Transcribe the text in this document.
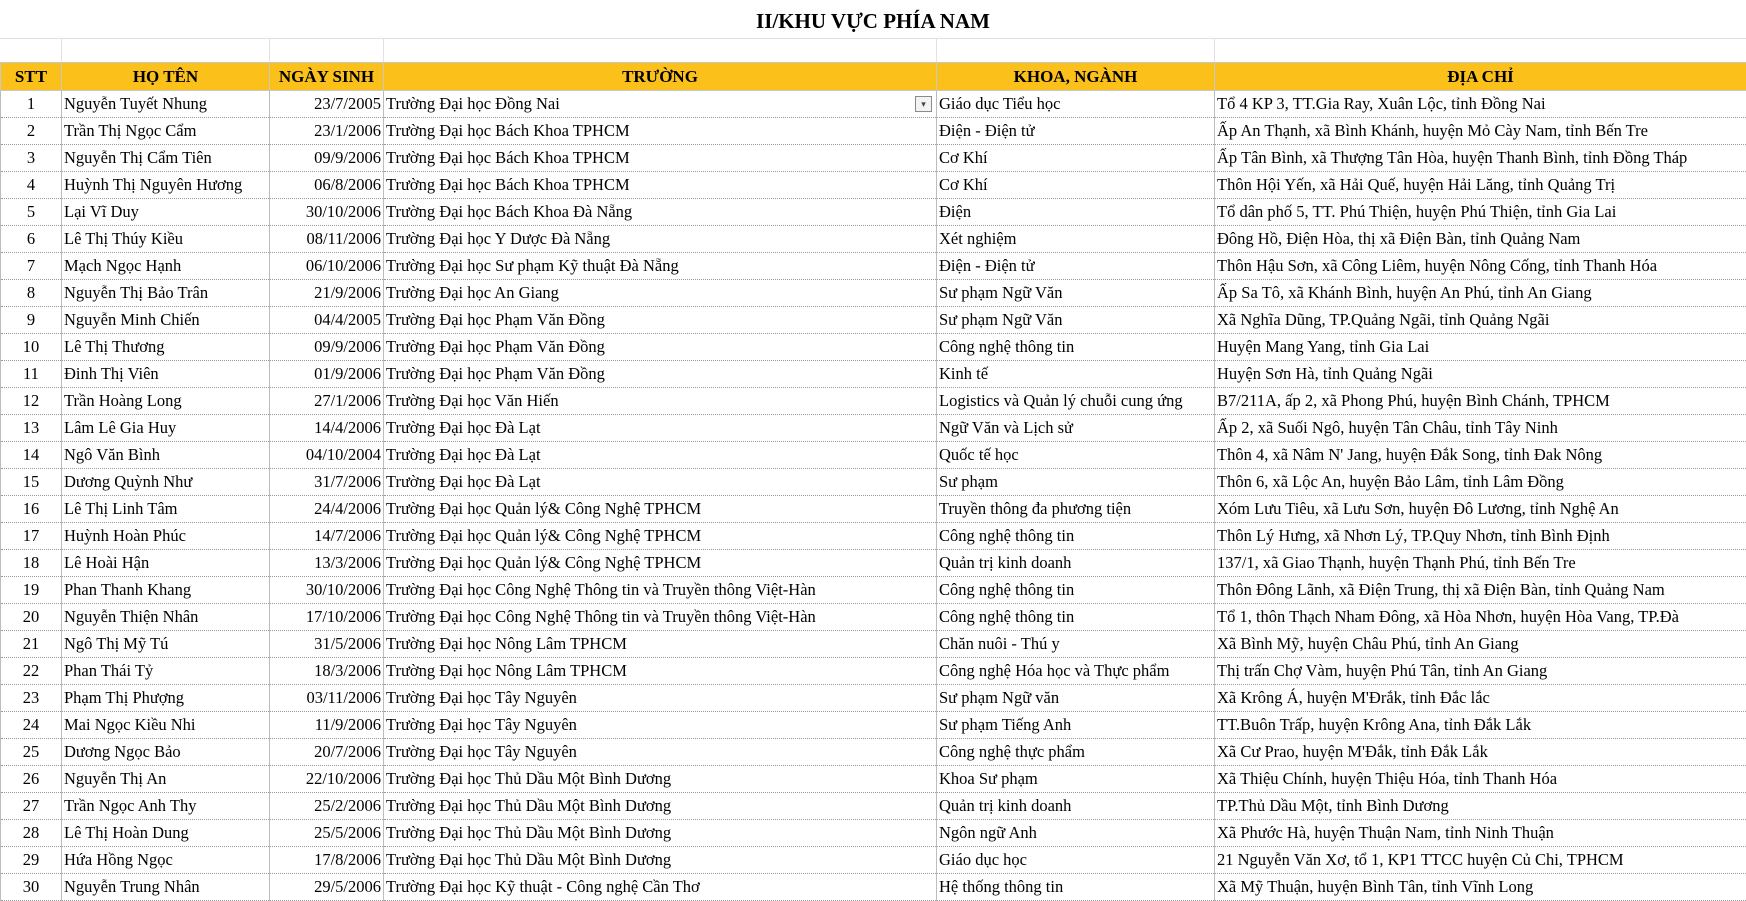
II/KHU VỰC PHÍA NAM
STT	HỌ TÊN	NGÀY SINH	TRƯỜNG	KHOA, NGÀNH	ĐỊA CHỈ
1	Nguyễn Tuyết Nhung	23/7/2005	Trường Đại học Đồng Nai ▾	Giáo dục Tiểu học	Tổ 4 KP 3, TT.Gia Ray, Xuân Lộc, tỉnh Đồng Nai
2	Trần Thị Ngọc Cẩm	23/1/2006	Trường Đại học Bách Khoa TPHCM	Điện - Điện tử	Ấp An Thạnh, xã Bình Khánh, huyện Mỏ Cày Nam, tỉnh Bến Tre
3	Nguyễn Thị Cẩm Tiên	09/9/2006	Trường Đại học Bách Khoa TPHCM	Cơ Khí	Ấp Tân Bình, xã Thượng Tân Hòa, huyện Thanh Bình, tỉnh Đồng Tháp
4	Huỳnh Thị Nguyên Hương	06/8/2006	Trường Đại học Bách Khoa TPHCM	Cơ Khí	Thôn Hội Yến, xã Hải Quế, huyện Hải Lăng, tỉnh Quảng Trị
5	Lại Vĩ Duy	30/10/2006	Trường Đại học Bách Khoa Đà Nẵng	Điện	Tổ dân phố 5, TT. Phú Thiện, huyện Phú Thiện, tỉnh Gia Lai
6	Lê Thị Thúy Kiều	08/11/2006	Trường Đại học Y Dược Đà Nẵng	Xét nghiệm	Đông Hồ, Điện Hòa, thị xã Điện Bàn, tỉnh Quảng Nam
7	Mạch Ngọc Hạnh	06/10/2006	Trường Đại học Sư phạm Kỹ thuật Đà Nẵng	Điện - Điện tử	Thôn Hậu Sơn, xã Công Liêm, huyện Nông Cống, tỉnh Thanh Hóa
8	Nguyễn Thị Bảo Trân	21/9/2006	Trường Đại học An Giang	Sư phạm Ngữ Văn	Ấp Sa Tô, xã Khánh Bình, huyện An Phú, tỉnh An Giang
9	Nguyễn Minh Chiến	04/4/2005	Trường Đại học Phạm Văn Đồng	Sư phạm Ngữ Văn	Xã Nghĩa Dũng, TP.Quảng Ngãi, tỉnh Quảng Ngãi
10	Lê Thị Thương	09/9/2006	Trường Đại học Phạm Văn Đồng	Công nghệ thông tin	Huyện Mang Yang, tỉnh Gia Lai
11	Đinh Thị Viên	01/9/2006	Trường Đại học Phạm Văn Đồng	Kinh tế	Huyện Sơn Hà, tỉnh Quảng Ngãi
12	Trần Hoàng Long	27/1/2006	Trường Đại học Văn Hiến	Logistics và Quản lý chuỗi cung ứng	B7/211A, ấp 2, xã Phong Phú, huyện Bình Chánh, TPHCM
13	Lâm Lê Gia Huy	14/4/2006	Trường Đại học Đà Lạt	Ngữ Văn và Lịch sử	Ấp 2, xã Suối Ngô, huyện Tân Châu, tỉnh Tây Ninh
14	Ngô Văn Bình	04/10/2004	Trường Đại học Đà Lạt	Quốc tế học	Thôn 4, xã Nâm N' Jang, huyện Đắk Song, tỉnh Đak Nông
15	Dương Quỳnh Như	31/7/2006	Trường Đại học Đà Lạt	Sư phạm	Thôn 6, xã Lộc An, huyện Bảo Lâm, tỉnh Lâm Đồng
16	Lê Thị Linh Tâm	24/4/2006	Trường Đại học Quản lý& Công Nghệ TPHCM	Truyền thông đa phương tiện	Xóm Lưu Tiêu, xã Lưu Sơn, huyện Đô Lương, tỉnh Nghệ An
17	Huỳnh Hoàn Phúc	14/7/2006	Trường Đại học Quản lý& Công Nghệ TPHCM	Công nghệ thông tin	Thôn Lý Hưng, xã Nhơn Lý, TP.Quy Nhơn, tỉnh Bình Định
18	Lê Hoài Hận	13/3/2006	Trường Đại học Quản lý& Công Nghệ TPHCM	Quản trị kinh doanh	137/1, xã Giao Thạnh, huyện Thạnh Phú, tỉnh Bến Tre
19	Phan Thanh Khang	30/10/2006	Trường Đại học Công Nghệ Thông tin và Truyền thông Việt-Hàn	Công nghệ thông tin	Thôn Đông Lãnh, xã Điện Trung, thị xã Điện Bàn, tỉnh Quảng Nam
20	Nguyễn Thiện Nhân	17/10/2006	Trường Đại học Công Nghệ Thông tin và Truyền thông Việt-Hàn	Công nghệ thông tin	Tổ 1, thôn Thạch Nham Đông, xã Hòa Nhơn, huyện Hòa Vang, TP.Đà
21	Ngô Thị Mỹ Tú	31/5/2006	Trường Đại học Nông Lâm TPHCM	Chăn nuôi - Thú y	Xã Bình Mỹ, huyện Châu Phú, tỉnh An Giang
22	Phan Thái Tỷ	18/3/2006	Trường Đại học Nông Lâm TPHCM	Công nghệ Hóa học và Thực phẩm	Thị trấn Chợ Vàm, huyện Phú Tân, tỉnh An Giang
23	Phạm Thị Phượng	03/11/2006	Trường Đại học Tây Nguyên	Sư phạm Ngữ văn	Xã Krông Á, huyện M'Đrắk, tỉnh Đắc lắc
24	Mai Ngọc Kiều Nhi	11/9/2006	Trường Đại học Tây Nguyên	Sư phạm Tiếng Anh	TT.Buôn Trấp, huyện Krông Ana, tỉnh Đắk Lắk
25	Dương Ngọc Bảo	20/7/2006	Trường Đại học Tây Nguyên	Công nghệ thực phẩm	Xã Cư Prao, huyện M'Đắk, tỉnh Đắk Lắk
26	Nguyễn Thị An	22/10/2006	Trường Đại học Thủ Dầu Một Bình Dương	Khoa Sư phạm	Xã Thiệu Chính, huyện Thiệu Hóa, tỉnh Thanh Hóa
27	Trần Ngọc Anh Thy	25/2/2006	Trường Đại học Thủ Dầu Một Bình Dương	Quản trị kinh doanh	TP.Thủ Dầu Một, tỉnh Bình Dương
28	Lê Thị Hoàn Dung	25/5/2006	Trường Đại học Thủ Dầu Một Bình Dương	Ngôn ngữ Anh	Xã Phước Hà, huyện Thuận Nam, tỉnh Ninh Thuận
29	Hứa Hồng Ngọc	17/8/2006	Trường Đại học Thủ Dầu Một Bình Dương	Giáo dục học	21 Nguyễn Văn Xơ, tổ 1, KP1 TTCC huyện Củ Chi, TPHCM
30	Nguyễn Trung Nhân	29/5/2006	Trường Đại học Kỹ thuật - Công nghệ Cần Thơ	Hệ thống thông tin	Xã Mỹ Thuận, huyện Bình Tân, tỉnh Vĩnh Long
